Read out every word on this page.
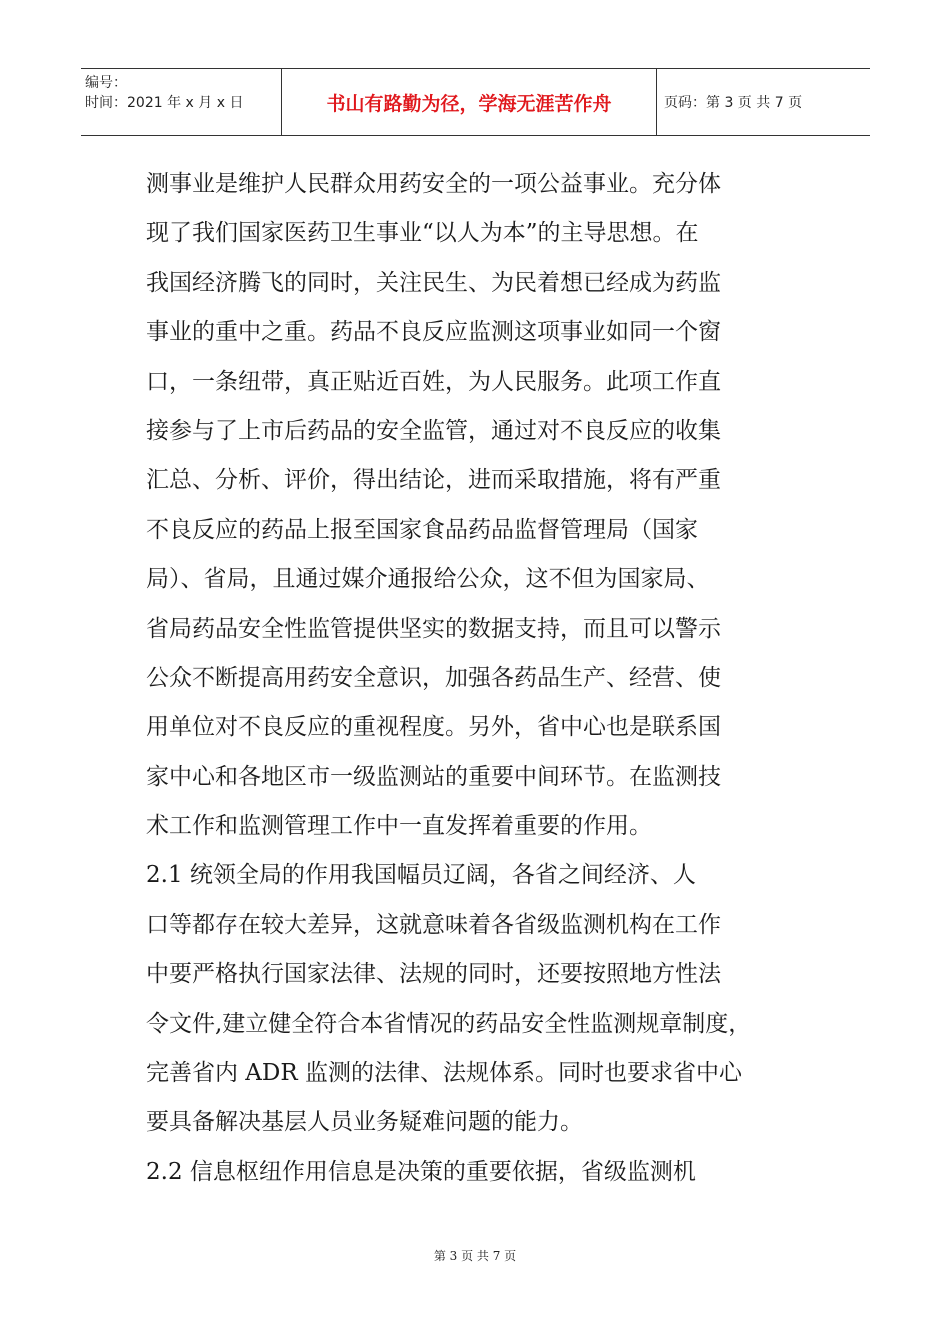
编号：
时间：2021 年 x 月 x 日	书山有路勤为径，学海无涯苦作舟	页码：第 3 页 共 7 页

测事业是维护人民群众用药安全的一项公益事业。充分体
现了我们国家医药卫生事业“以人为本”的主导思想。在
我国经济腾飞的同时，关注民生、为民着想已经成为药监
事业的重中之重。药品不良反应监测这项事业如同一个窗
口，一条纽带，真正贴近百姓，为人民服务。此项工作直
接参与了上市后药品的安全监管，通过对不良反应的收集
汇总、分析、评价，得出结论，进而采取措施，将有严重
不良反应的药品上报至国家食品药品监督管理局（国家
局）、省局，且通过媒介通报给公众，这不但为国家局、
省局药品安全性监管提供坚实的数据支持，而且可以警示
公众不断提高用药安全意识，加强各药品生产、经营、使
用单位对不良反应的重视程度。另外，省中心也是联系国
家中心和各地区市一级监测站的重要中间环节。在监测技
术工作和监测管理工作中一直发挥着重要的作用。

2.1 统领全局的作用我国幅员辽阔，各省之间经济、人
口等都存在较大差异，这就意味着各省级监测机构在工作
中要严格执行国家法律、法规的同时，还要按照地方性法
令文件,建立健全符合本省情况的药品安全性监测规章制度，
完善省内 ADR 监测的法律、法规体系。同时也要求省中心
要具备解决基层人员业务疑难问题的能力。

2.2 信息枢纽作用信息是决策的重要依据，省级监测机

第 3 页 共 7 页
